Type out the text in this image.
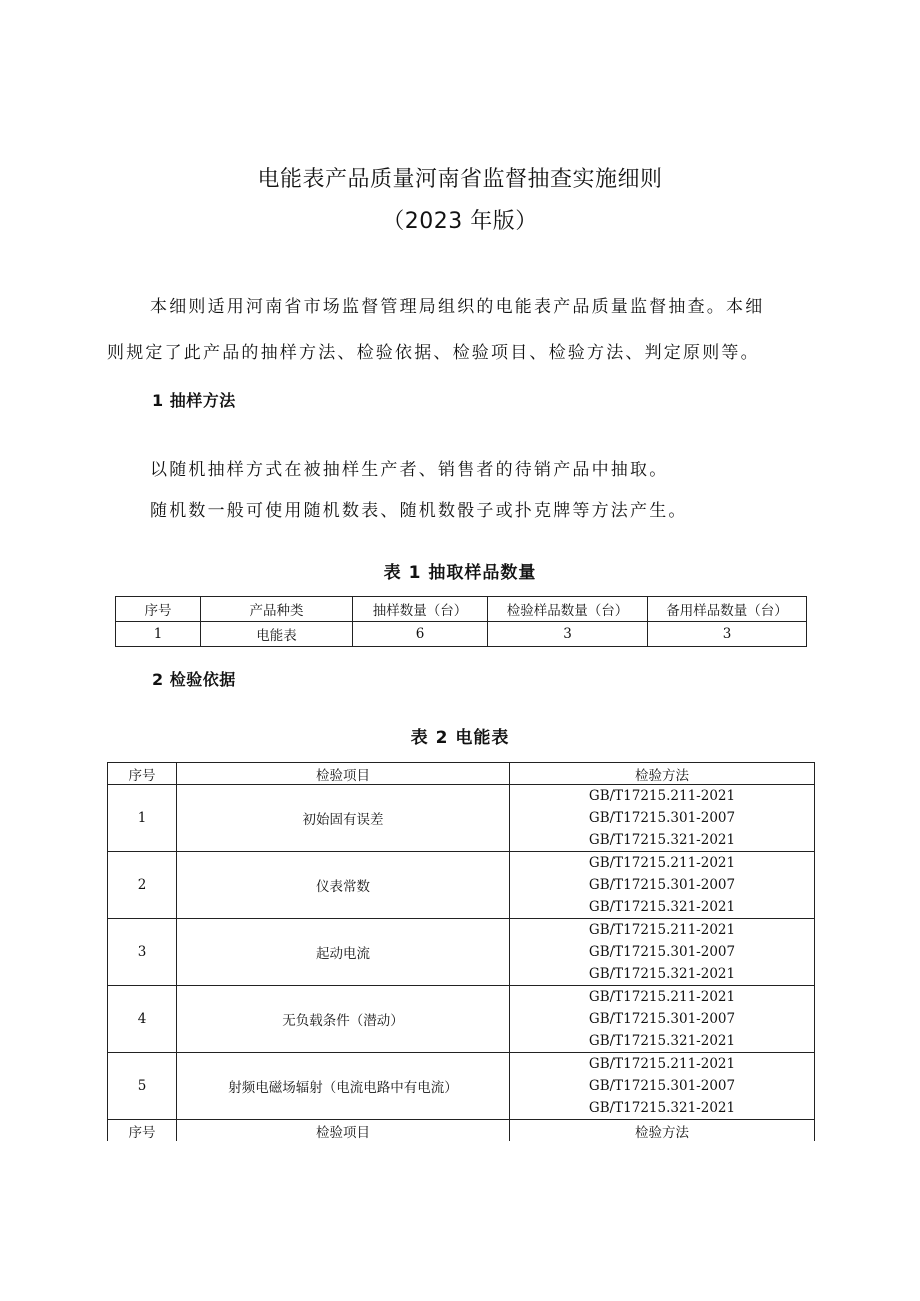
电能表产品质量河南省监督抽查实施细则
（2023 年版）
本细则适用河南省市场监督管理局组织的电能表产品质量监督抽查。本细
则规定了此产品的抽样方法、检验依据、检验项目、检验方法、判定原则等。
1 抽样方法
以随机抽样方式在被抽样生产者、销售者的待销产品中抽取。
随机数一般可使用随机数表、随机数骰子或扑克牌等方法产生。
表 1 抽取样品数量
序号	产品种类	抽样数量（台）	检验样品数量（台）	备用样品数量（台）
1	电能表	6	3	3
2 检验依据
表 2 电能表
序号	检验项目	检验方法
1	初始固有误差	GB/T17215.211-2021
GB/T17215.301-2007
GB/T17215.321-2021

2	仪表常数	GB/T17215.211-2021
GB/T17215.301-2007
GB/T17215.321-2021

3	起动电流	GB/T17215.211-2021
GB/T17215.301-2007
GB/T17215.321-2021

4	无负载条件（潜动）	GB/T17215.211-2021
GB/T17215.301-2007
GB/T17215.321-2021

5	射频电磁场辐射（电流电路中有电流）	GB/T17215.211-2021
GB/T17215.301-2007
GB/T17215.321-2021

序号	检验项目	检验方法
